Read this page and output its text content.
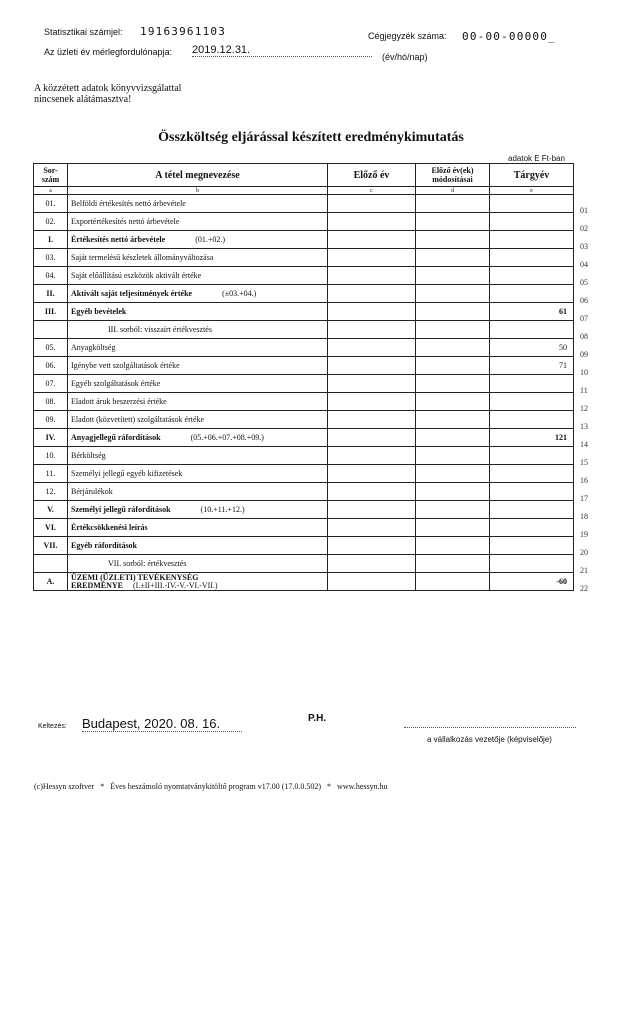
Statisztikai számjel: 19163961103	Cégjegyzék száma: 00-00-00000_
Az üzleti év mérlegfordulónapja: 2019.12.31.
(év/hó/nap)
A közzétett adatok könyvvizsgálattal
nincsenek alátámasztva!
Összköltség eljárással készített eredménykimutatás
adatok E Ft-ban
Sor-szám	A tétel megnevezése	Előző év	Előző év(ek) módosításai	Tárgyév
a	b	c	d	e
01.	Belföldi értékesítés nettó árbevétele			
02.	Exportértékesítés nettó árbevétele			
I.	Értékesítés nettó árbevétele (01.+02.)			
03.	Saját termelésű készletek állományváltozása			
04.	Saját előállítású eszközök aktivált értéke			
II.	Aktivált saját teljesítmények értéke (±03.+04.)			
III.	Egyéb bevételek			61
	III. sorból: visszaírt értékvesztés			
05.	Anyagköltség			50
06.	Igénybe vett szolgáltatások értéke			71
07.	Egyéb szolgáltatások értéke			
08.	Eladott áruk beszerzési értéke			
09.	Eladott (közvetített) szolgáltatások értéke			
IV.	Anyagjellegű ráfordítások (05.+06.+07.+08.+09.)			121
10.	Bérköltség			
11.	Személyi jellegű egyéb kifizetések			
12.	Bérjárulékok			
V.	Személyi jellegű ráfordítások (10.+11.+12.)			
VI.	Értékcsökkenési leírás			
VII.	Egyéb ráfordítások			
	VII. sorból: értékvesztés			
A.	ÜZEMI (ÜZLETI) TEVÉKENYSÉG
EREDMÉNYE (I.±II+III.-IV.-V.-VI.-VII.)			-60
01
02
03
04
05
06
07
08
09
10
11
12
13
14
15
16
17
18
19
20
21
22
Keltezés: Budapest, 2020. 08. 16.	P.H.
a vállalkozás vezetője (képviselője)
(c)Hessyn szoftver   *   Éves beszámoló nyomtatványkitöltő program v17.00 (17.0.0.502)   *   www.hessyn.hu
